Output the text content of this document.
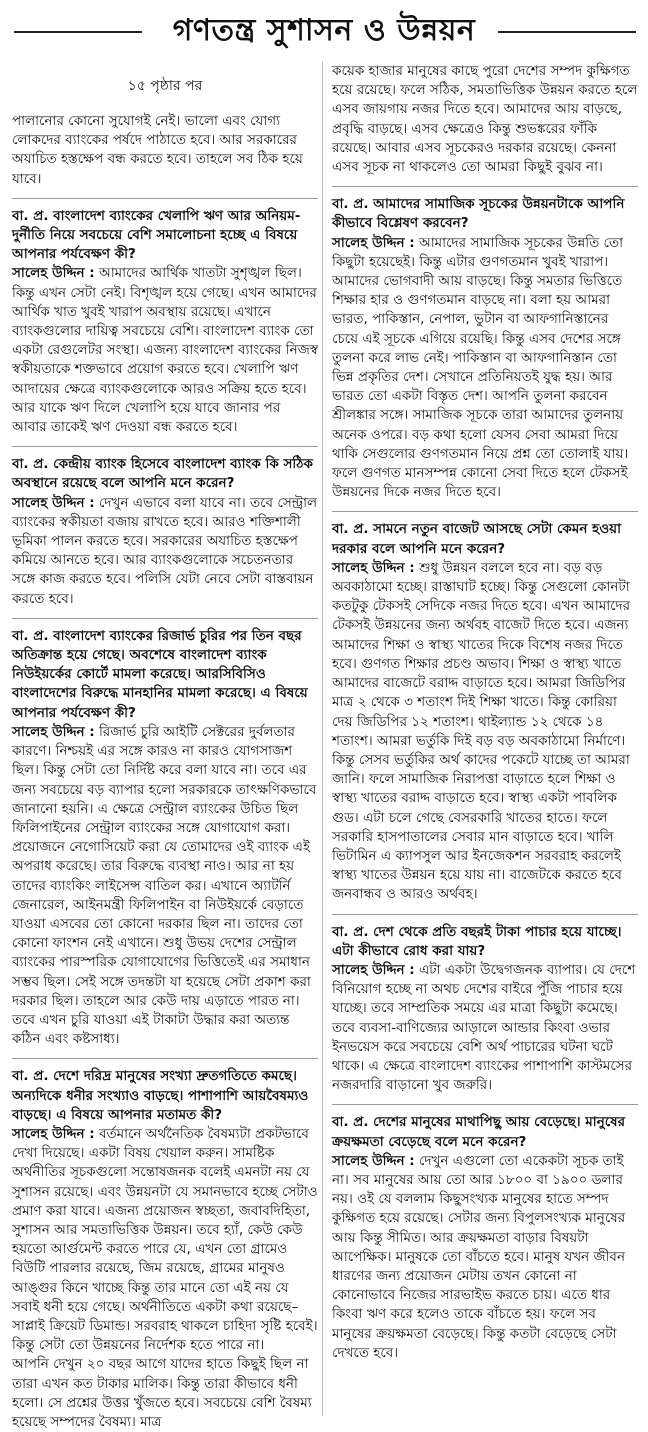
গণতন্ত্র সুশাসন ও উন্নয়ন
১৫ পৃষ্ঠার পর

পালানোর কোনো সুযোগই নেই। ভালো এবং যোগ্য লোকদের ব্যাংকের পর্ষদে পাঠাতে হবে। আর সরকারের অযাচিত হস্তক্ষেপ বন্ধ করতে হবে। তাহলে সব ঠিক হয়ে যাবে।

বা. প্র. বাংলাদেশ ব্যাংকের খেলাপি ঋণ আর অনিয়ম-দুর্নীতি নিয়ে সবচেয়ে বেশি সমালোচনা হচ্ছে এ বিষয়ে আপনার পর্যবেক্ষণ কী?

সালেহ উদ্দিন : আমাদের আর্থিক খাতটা সুশৃঙ্খল ছিল। কিন্তু এখন সেটা নেই। বিশৃঙ্খল হয়ে গেছে। এখন আমাদের আর্থিক খাত খুবই খারাপ অবস্থায় রয়েছে। এখানে ব্যাংকগুলোর দায়িত্ব সবচেয়ে বেশি। বাংলাদেশ ব্যাংক তো একটা রেগুলেটর সংস্থা। এজন্য বাংলাদেশ ব্যাংকের নিজস্ব স্বকীয়তাকে শক্তভাবে প্রয়োগ করতে হবে। খেলাপি ঋণ আদায়ের ক্ষেত্রে ব্যাংকগুলোকে আরও সক্রিয় হতে হবে। আর যাকে ঋণ দিলে খেলাপি হয়ে যাবে জানার পর আবার তাকেই ঋণ দেওয়া বন্ধ করতে হবে।

বা. প্র. কেন্দ্রীয় ব্যাংক হিসেবে বাংলাদেশ ব্যাংক কি সঠিক অবস্থানে রয়েছে বলে আপনি মনে করেন?

সালেহ উদ্দিন : দেখুন এভাবে বলা যাবে না। তবে সেন্ট্রাল ব্যাংকের স্বকীয়তা বজায় রাখতে হবে। আরও শক্তিশালী ভূমিকা পালন করতে হবে। সরকারের অযাচিত হস্তক্ষেপ কমিয়ে আনতে হবে। আর ব্যাংকগুলোকে সচেতনতার সঙ্গে কাজ করতে হবে। পলিসি যেটা নেবে সেটা বাস্তবায়ন করতে হবে।

বা. প্র. বাংলাদেশ ব্যাংকের রিজার্ভ চুরির পর তিন বছর অতিক্রান্ত হয়ে গেছে। অবশেষে বাংলাদেশ ব্যাংক নিউইয়র্কের কোর্টে মামলা করেছে। আরসিবিসিও বাংলাদেশের বিরুদ্ধে মানহানির মামলা করেছে। এ বিষয়ে আপনার পর্যবেক্ষণ কী?

সালেহ উদ্দিন : রিজার্ভ চুরি আইটি সেক্টরের দুর্বলতার কারণে। নিশ্চয়ই এর সঙ্গে কারও না কারও যোগসাজশ ছিল। কিন্তু সেটা তো নির্দিষ্ট করে বলা যাবে না। তবে এর জন্য সবচেয়ে বড় ব্যাপার হলো সরকারকে তাৎক্ষণিকভাবে জানানো হয়নি। এ ক্ষেত্রে সেন্ট্রাল ব্যাংকের উচিত ছিল ফিলিপাইনের সেন্ট্রাল ব্যাংকের সঙ্গে যোগাযোগ করা। প্রয়োজনে নেগোসিয়েট করা যে তোমাদের ওই ব্যাংক এই অপরাধ করেছে। তার বিরুদ্ধে ব্যবস্থা নাও। আর না হয় তাদের ব্যাংকিং লাইসেন্স বাতিল কর। এখানে অ্যাটর্নি জেনারেল, আইনমন্ত্রী ফিলিপাইন বা নিউইয়র্কে বেড়াতে যাওয়া এসবের তো কোনো দরকার ছিল না। তাদের তো কোনো ফাংশন নেই এখানে। শুধু উভয় দেশের সেন্ট্রাল ব্যাংকের পারস্পরিক যোগাযোগের ভিত্তিতেই এর সমাধান সম্ভব ছিল। সেই সঙ্গে তদন্তটা যা হয়েছে সেটা প্রকাশ করা দরকার ছিল। তাহলে আর কেউ দায় এড়াতে পারত না। তবে এখন চুরি যাওয়া এই টাকাটা উদ্ধার করা অত্যন্ত কঠিন এবং কষ্টসাধ্য।

বা. প্র. দেশে দরিদ্র মানুষের সংখ্যা দ্রুতগতিতে কমছে। অন্যদিকে ধনীর সংখ্যাও বাড়ছে। পাশাপাশি আয়বৈষম্যও বাড়ছে। এ বিষয়ে আপনার মতামত কী?

সালেহ উদ্দিন : বর্তমানে অর্থনৈতিক বৈষম্যটা প্রকটভাবে দেখা দিয়েছে। একটা বিষয় খেয়াল করুন। সামষ্টিক অর্থনীতির সূচকগুলো সন্তোষজনক বলেই এমনটা নয় যে সুশাসন রয়েছে। এবং উন্নয়নটা যে সমানভাবে হচ্ছে সেটাও প্রমাণ করা যাবে। এজন্য প্রয়োজন স্বচ্ছতা, জবাবদিহিতা, সুশাসন আর সমতাভিত্তিক উন্নয়ন। তবে হ্যাঁ, কেউ কেউ হয়তো আর্গুমেন্ট করতে পারে যে, এখন তো গ্রামেও বিউটি পারলার রয়েছে, জিম রয়েছে, গ্রামের মানুষও আঙ্গুর কিনে খাচ্ছে কিন্তু তার মানে তো এই নয় যে সবাই ধনী হয়ে গেছে। অর্থনীতিতে একটা কথা রয়েছে– সাপ্লাই ক্রিয়েট ডিমান্ড। সরবরাহ থাকলে চাহিদা সৃষ্টি হবেই। কিন্তু সেটা তো উন্নয়নের নির্দেশক হতে পারে না।

আপনি দেখুন ২০ বছর আগে যাদের হাতে কিছুই ছিল না তারা এখন কত টাকার মালিক। কিন্তু তারা কীভাবে ধনী হলো। সে প্রশ্নের উত্তর খুঁজতে হবে। সবচেয়ে বেশি বৈষম্য হয়েছে সম্পদের বৈষম্য। মাত্র

কয়েক হাজার মানুষের কাছে পুরো দেশের সম্পদ কুক্ষিগত হয়ে রয়েছে। ফলে সঠিক, সমতাভিত্তিক উন্নয়ন করতে হলে এসব জায়গায় নজর দিতে হবে। আমাদের আয় বাড়ছে, প্রবৃদ্ধি বাড়ছে। এসব ক্ষেত্রেও কিন্তু শুভঙ্করের ফাঁকি রয়েছে। আবার এসব সূচকেরও দরকার রয়েছে। কেননা এসব সূচক না থাকলেও তো আমরা কিছুই বুঝব না।

বা. প্র. আমাদের সামাজিক সূচকের উন্নয়নটাকে আপনি কীভাবে বিশ্লেষণ করবেন?

সালেহ উদ্দিন : আমাদের সামাজিক সূচকের উন্নতি তো কিছুটা হয়েছেই। কিন্তু এটার গুণগতমান খুবই খারাপ। আমাদের ভোগবাদী আয় বাড়ছে। কিন্তু সমতার ভিত্তিতে শিক্ষার হার ও গুণগতমান বাড়ছে না। বলা হয় আমরা ভারত, পাকিস্তান, নেপাল, ভুটান বা আফগানিস্তানের চেয়ে এই সূচকে এগিয়ে রয়েছি। কিন্তু এসব দেশের সঙ্গে তুলনা করে লাভ নেই। পাকিস্তান বা আফগানিস্তান তো ভিন্ন প্রকৃতির দেশ। সেখানে প্রতিনিয়তই যুদ্ধ হয়। আর ভারত তো একটা বিস্তৃত দেশ। আপনি তুলনা করবেন শ্রীলঙ্কার সঙ্গে। সামাজিক সূচকে তারা আমাদের তুলনায় অনেক ওপরে। বড় কথা হলো যেসব সেবা আমরা দিয়ে থাকি সেগুলোর গুণগতমান নিয়ে প্রশ্ন তো তোলাই যায়। ফলে গুণগত মানসম্পন্ন কোনো সেবা দিতে হলে টেকসই উন্নয়নের দিকে নজর দিতে হবে।

বা. প্র. সামনে নতুন বাজেট আসছে সেটা কেমন হওয়া দরকার বলে আপনি মনে করেন?

সালেহ উদ্দিন : শুধু উন্নয়ন বললে হবে না। বড় বড় অবকাঠামো হচ্ছে। রাস্তাঘাট হচ্ছে। কিন্তু সেগুলো কোনটা কতটুকু টেকসই সেদিকে নজর দিতে হবে। এখন আমাদের টেকসই উন্নয়নের জন্য অর্থবহ বাজেট দিতে হবে। এজন্য আমাদের শিক্ষা ও স্বাস্থ্য খাতের দিকে বিশেষ নজর দিতে হবে। গুণগত শিক্ষার প্রচণ্ড অভাব। শিক্ষা ও স্বাস্থ্য খাতে আমাদের বাজেটে বরাদ্দ বাড়াতে হবে। আমরা জিডিপির মাত্র ২ থেকে ৩ শতাংশ দিই শিক্ষা খাতে। কিন্তু কোরিয়া দেয় জিডিপির ১২ শতাংশ। থাইল্যান্ড ১২ থেকে ১৪ শতাংশ। আমরা ভর্তুকি দিই বড় বড় অবকাঠামো নির্মাণে। কিন্তু সেসব ভর্তুকির অর্থ কাদের পকেটে যাচ্ছে তা আমরা জানি। ফলে সামাজিক নিরাপত্তা বাড়াতে হলে শিক্ষা ও স্বাস্থ্য খাতের বরাদ্দ বাড়াতে হবে। স্বাস্থ্য একটা পাবলিক গুড। এটা চলে গেছে বেসরকারি খাতের হাতে। ফলে সরকারি হাসপাতালের সেবার মান বাড়াতে হবে। খালি ভিটামিন এ ক্যাপসুল আর ইনজেকশন সরবরাহ করলেই স্বাস্থ্য খাতের উন্নয়ন হয়ে যায় না। বাজেটকে করতে হবে জনবান্ধব ও আরও অর্থবহ।

বা. প্র. দেশ থেকে প্রতি বছরই টাকা পাচার হয়ে যাচ্ছে। এটা কীভাবে রোধ করা যায়?

সালেহ উদ্দিন : এটা একটা উদ্বেগজনক ব্যাপার। যে দেশে বিনিয়োগ হচ্ছে না অথচ দেশের বাইরে পুঁজি পাচার হয়ে যাচ্ছে। তবে সাম্প্রতিক সময়ে এর মাত্রা কিছুটা কমেছে। তবে ব্যবসা-বাণিজ্যের আড়ালে আন্ডার কিংবা ওভার ইনভয়েস করে সবচেয়ে বেশি অর্থ পাচারের ঘটনা ঘটে থাকে। এ ক্ষেত্রে বাংলাদেশ ব্যাংকের পাশাপাশি কাস্টমসের নজরদারি বাড়ানো খুব জরুরি।

বা. প্র. দেশের মানুষের মাথাপিছু আয় বেড়েছে। মানুষের ক্রয়ক্ষমতা বেড়েছে বলে মনে করেন?

সালেহ উদ্দিন : দেখুন এগুলো তো একেকটা সূচক তাই না। সব মানুষের আয় তো আর ১৮০০ বা ১৯০০ ডলার নয়। ওই যে বললাম কিছুসংখ্যক মানুষের হাতে সম্পদ কুক্ষিগত হয়ে রয়েছে। সেটার জন্য বিপুলসংখ্যক মানুষের আয় কিন্তু সীমিত। আর ক্রয়ক্ষমতা বাড়ার বিষয়টা আপেক্ষিক। মানুষকে তো বাঁচতে হবে। মানুষ যখন জীবন ধারণের জন্য প্রয়োজন মেটায় তখন কোনো না কোনোভাবে নিজের সারভাইভ করতে চায়। এতে ধার কিংবা ঋণ করে হলেও তাকে বাঁচতে হয়। ফলে সব মানুষের ক্রয়ক্ষমতা বেড়েছে। কিন্তু কতটা বেড়েছে সেটা দেখতে হবে।
